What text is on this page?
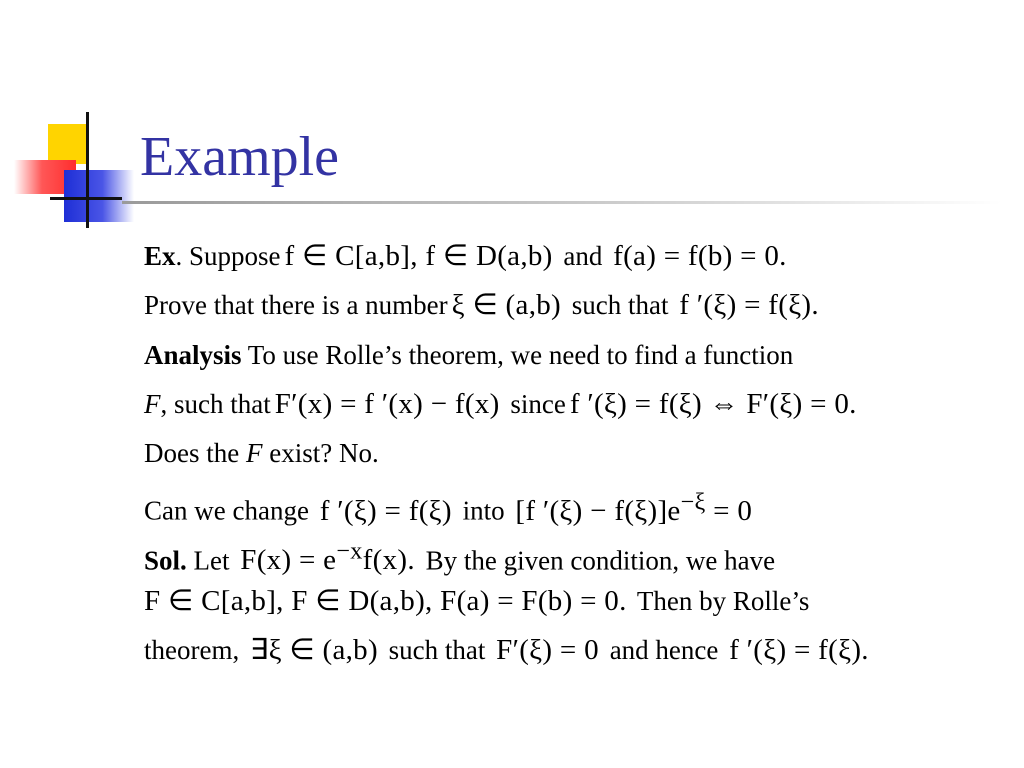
Example
Ex. Suppose f ∈ C[a,b], f ∈ D(a,b) and f(a) = f(b) = 0.
Prove that there is a number ξ ∈ (a,b) such that f ′(ξ) = f(ξ).
Analysis To use Rolle’s theorem, we need to find a function
F, such that F′(x) = f ′(x) − f(x) since f ′(ξ) = f(ξ) ⇔ F′(ξ) = 0.
Does the F exist? No.
Can we change f ′(ξ) = f(ξ) into [f $'(\xi) - f(\xi)]e^{-\xi} = 0$
Sol. Let $F(x) = e^{-x}f(x)$. By the given condition, we have
F ∈ C[a,b], F ∈ D(a,b), F(a) = F(b) = 0. Then by Rolle’s
theorem, ∃ξ ∈ (a,b) such that F′(ξ) = 0 and hence f ′(ξ) = f(ξ).
